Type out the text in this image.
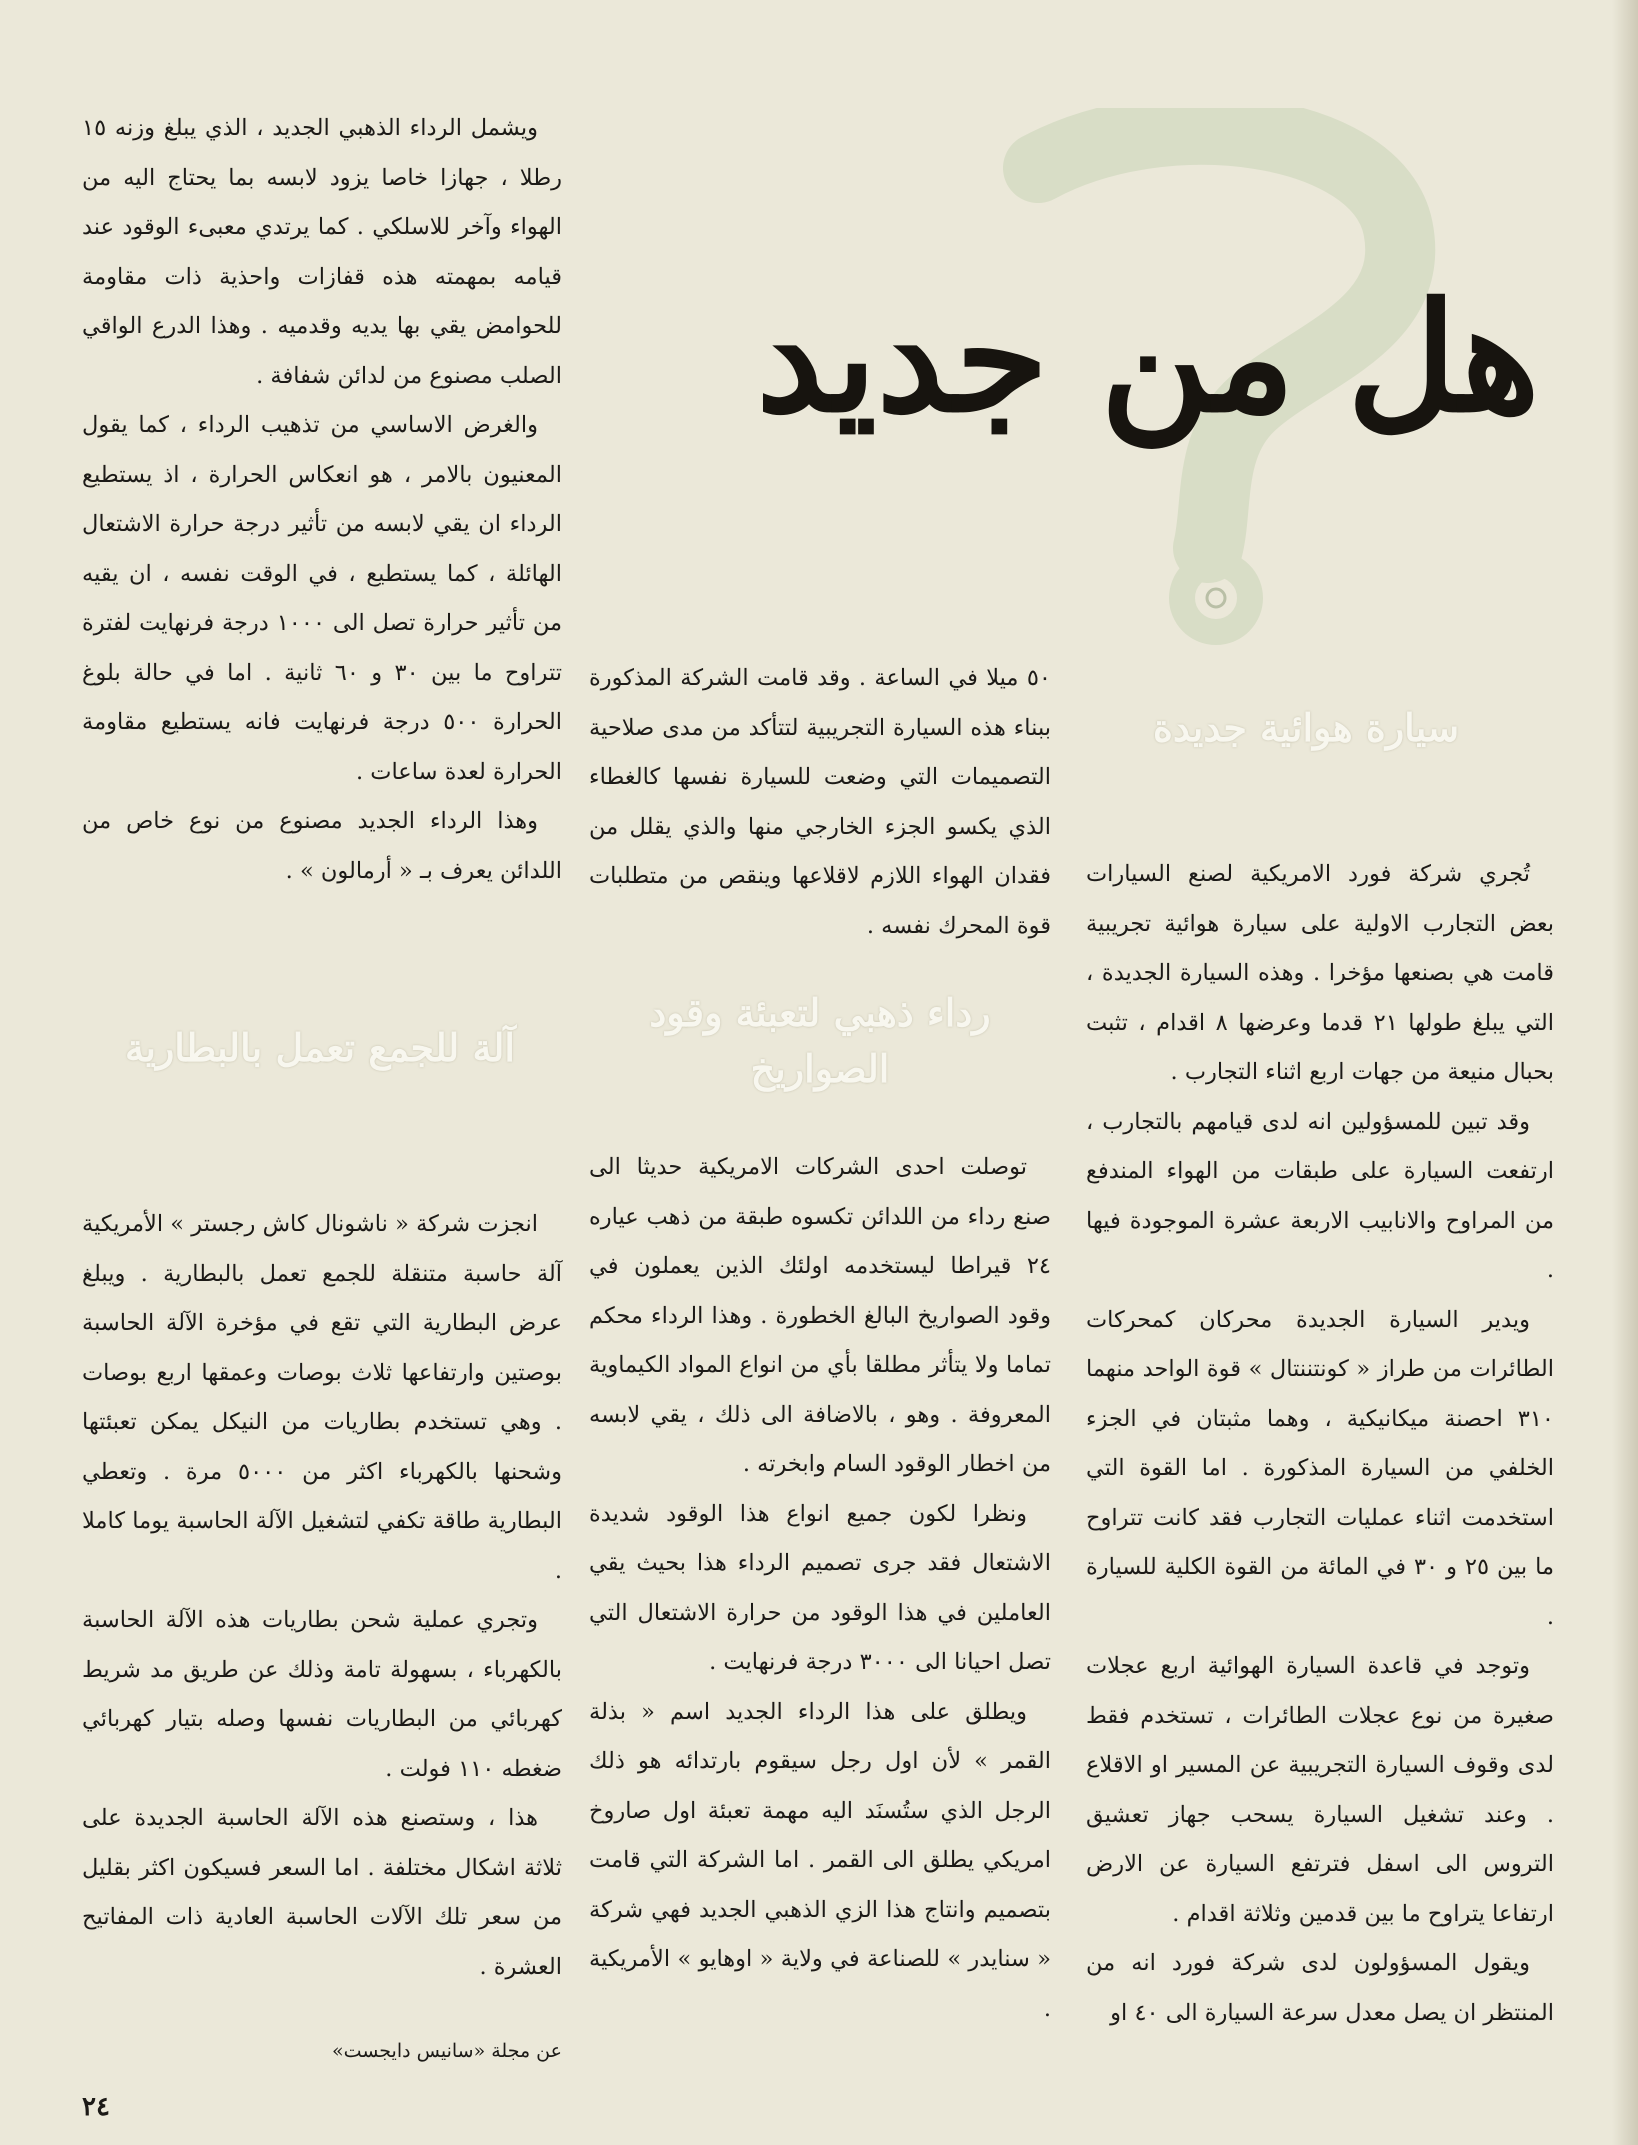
هل من جديد
سيارة هوائية جديدة
رداء ذهبي لتعبئة وقود الصواريخ
آلة للجمع تعمل بالبطارية

تُجري شركة فورد الامريكية لصنع السيارات بعض التجارب الاولية على سيارة هوائية تجريبية قامت هي بصنعها مؤخرا . وهذه السيارة الجديدة ، التي يبلغ طولها ٢١ قدما وعرضها ٨ اقدام ، تثبت بحبال منيعة من جهات اربع اثناء التجارب .

وقد تبين للمسؤولين انه لدى قيامهم بالتجارب ، ارتفعت السيارة على طبقات من الهواء المندفع من المراوح والانابيب الاربعة عشرة الموجودة فيها .

ويدير السيارة الجديدة محركان كمحركات الطائرات من طراز « كونتننتال » قوة الواحد منهما ٣١٠ احصنة ميكانيكية ، وهما مثبتان في الجزء الخلفي من السيارة المذكورة . اما القوة التي استخدمت اثناء عمليات التجارب فقد كانت تتراوح ما بين ٢٥ و ٣٠ في المائة من القوة الكلية للسيارة .

وتوجد في قاعدة السيارة الهوائية اربع عجلات صغيرة من نوع عجلات الطائرات ، تستخدم فقط لدى وقوف السيارة التجريبية عن المسير او الاقلاع . وعند تشغيل السيارة يسحب جهاز تعشيق التروس الى اسفل فترتفع السيارة عن الارض ارتفاعا يتراوح ما بين قدمين وثلاثة اقدام .

ويقول المسؤولون لدى شركة فورد انه من المنتظر ان يصل معدل سرعة السيارة الى ٤٠ او

٥٠ ميلا في الساعة . وقد قامت الشركة المذكورة ببناء هذه السيارة التجريبية لتتأكد من مدى صلاحية التصميمات التي وضعت للسيارة نفسها كالغطاء الذي يكسو الجزء الخارجي منها والذي يقلل من فقدان الهواء اللازم لاقلاعها وينقص من متطلبات قوة المحرك نفسه .

توصلت احدى الشركات الامريكية حديثا الى صنع رداء من اللدائن تكسوه طبقة من ذهب عياره ٢٤ قيراطا ليستخدمه اولئك الذين يعملون في وقود الصواريخ البالغ الخطورة . وهذا الرداء محكم تماما ولا يتأثر مطلقا بأي من انواع المواد الكيماوية المعروفة . وهو ، بالاضافة الى ذلك ، يقي لابسه من اخطار الوقود السام وابخرته .

ونظرا لكون جميع انواع هذا الوقود شديدة الاشتعال فقد جرى تصميم الرداء هذا بحيث يقي العاملين في هذا الوقود من حرارة الاشتعال التي تصل احيانا الى ٣٠٠٠ درجة فرنهايت .

ويطلق على هذا الرداء الجديد اسم « بذلة القمر » لأن اول رجل سيقوم بارتدائه هو ذلك الرجل الذي ستُسنَد اليه مهمة تعبئة اول صاروخ امريكي يطلق الى القمر . اما الشركة التي قامت بتصميم وانتاج هذا الزي الذهبي الجديد فهي شركة « سنايدر » للصناعة في ولاية « اوهايو » الأمريكية .

ويشمل الرداء الذهبي الجديد ، الذي يبلغ وزنه ١٥ رطلا ، جهازا خاصا يزود لابسه بما يحتاج اليه من الهواء وآخر للاسلكي . كما يرتدي معبىء الوقود عند قيامه بمهمته هذه قفازات واحذية ذات مقاومة للحوامض يقي بها يديه وقدميه . وهذا الدرع الواقي الصلب مصنوع من لدائن شفافة .

والغرض الاساسي من تذهيب الرداء ، كما يقول المعنيون بالامر ، هو انعكاس الحرارة ، اذ يستطيع الرداء ان يقي لابسه من تأثير درجة حرارة الاشتعال الهائلة ، كما يستطيع ، في الوقت نفسه ، ان يقيه من تأثير حرارة تصل الى ١٠٠٠ درجة فرنهايت لفترة تتراوح ما بين ٣٠ و ٦٠ ثانية . اما في حالة بلوغ الحرارة ٥٠٠ درجة فرنهايت فانه يستطيع مقاومة الحرارة لعدة ساعات .

وهذا الرداء الجديد مصنوع من نوع خاص من اللدائن يعرف بـ « أرمالون » .

انجزت شركة « ناشونال كاش رجستر » الأمريكية آلة حاسبة متنقلة للجمع تعمل بالبطارية . ويبلغ عرض البطارية التي تقع في مؤخرة الآلة الحاسبة بوصتين وارتفاعها ثلاث بوصات وعمقها اربع بوصات . وهي تستخدم بطاريات من النيكل يمكن تعبئتها وشحنها بالكهرباء اكثر من ٥٠٠٠ مرة . وتعطي البطارية طاقة تكفي لتشغيل الآلة الحاسبة يوما كاملا .

وتجري عملية شحن بطاريات هذه الآلة الحاسبة بالكهرباء ، بسهولة تامة وذلك عن طريق مد شريط كهربائي من البطاريات نفسها وصله بتيار كهربائي ضغطه ١١٠ فولت .

هذا ، وستصنع هذه الآلة الحاسبة الجديدة على ثلاثة اشكال مختلفة . اما السعر فسيكون اكثر بقليل من سعر تلك الآلات الحاسبة العادية ذات المفاتيح العشرة .

عن مجلة «سانيس دايجست»
٢٤
